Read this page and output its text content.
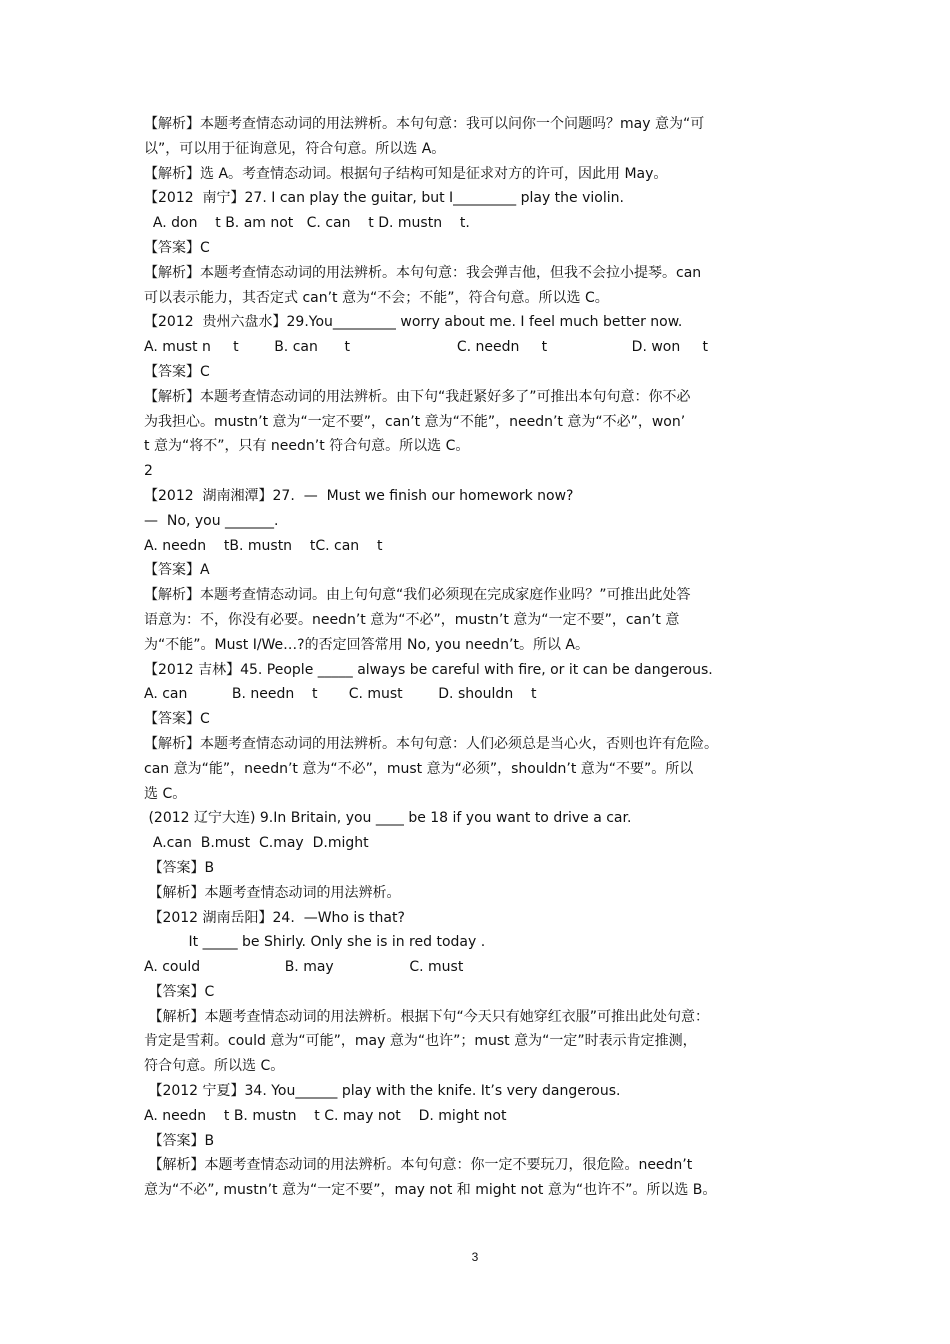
【解析】本题考查情态动词的用法辨析。本句句意：我可以问你一个问题吗？may 意为“可
以”，可以用于征询意见，符合句意。所以选 A。
【解析】选 A。考查情态动词。根据句子结构可知是征求对方的许可，因此用 May。
【2012  南宁】27. I can play the guitar, but I_________ play the violin.
A. don    t B. am not   C. can    t D. mustn    t.
【答案】C
【解析】本题考查情态动词的用法辨析。本句句意：我会弹吉他，但我不会拉小提琴。can
可以表示能力，其否定式 can’t 意为“不会；不能”，符合句意。所以选 C。
【2012  贵州六盘水】29.You_________ worry about me. I feel much better now.
A. must n     t        B. can      t                        C. needn     t                   D. won     t
【答案】C
【解析】本题考查情态动词的用法辨析。由下句“我赶紧好多了”可推出本句句意：你不必
为我担心。mustn’t 意为“一定不要”，can’t 意为“不能”，needn’t 意为“不必”，won’
t 意为“将不”，只有 needn’t 符合句意。所以选 C。
2
【2012  湖南湘潭】27.  —  Must we finish our homework now?
—  No, you _______.
A. needn    tB. mustn    tC. can    t
【答案】A
【解析】本题考查情态动词。由上句句意“我们必须现在完成家庭作业吗？”可推出此处答
语意为：不，你没有必要。needn’t 意为“不必”，mustn’t 意为“一定不要”，can’t 意
为“不能”。Must I/We…?的否定回答常用 No, you needn’t。所以 A。
【2012 吉林】45. People _____ always be careful with fire, or it can be dangerous.
A. can          B. needn    t       C. must        D. shouldn    t
【答案】C
【解析】本题考查情态动词的用法辨析。本句句意：人们必须总是当心火，否则也许有危险。
can 意为“能”，needn’t 意为“不必”，must 意为“必须”，shouldn’t 意为“不要”。所以
选 C。
(2012 辽宁大连) 9.In Britain, you ____ be 18 if you want to drive a car.
A.can  B.must  C.may  D.might
【答案】B
【解析】本题考查情态动词的用法辨析。
【2012 湖南岳阳】24.  —Who is that?
It _____ be Shirly. Only she is in red today .
A. could                   B. may                 C. must
【答案】C
【解析】本题考查情态动词的用法辨析。根据下句“今天只有她穿红衣服”可推出此处句意：
肯定是雪莉。could 意为“可能”，may 意为“也许”；must 意为“一定”时表示肯定推测，
符合句意。所以选 C。
【2012 宁夏】34. You______ play with the knife. It’s very dangerous.
A. needn    t B. mustn    t C. may not    D. might not
【答案】B
【解析】本题考查情态动词的用法辨析。本句句意：你一定不要玩刀，很危险。needn’t
意为“不必”, mustn’t 意为“一定不要”，may not 和 might not 意为“也许不”。所以选 B。
3
